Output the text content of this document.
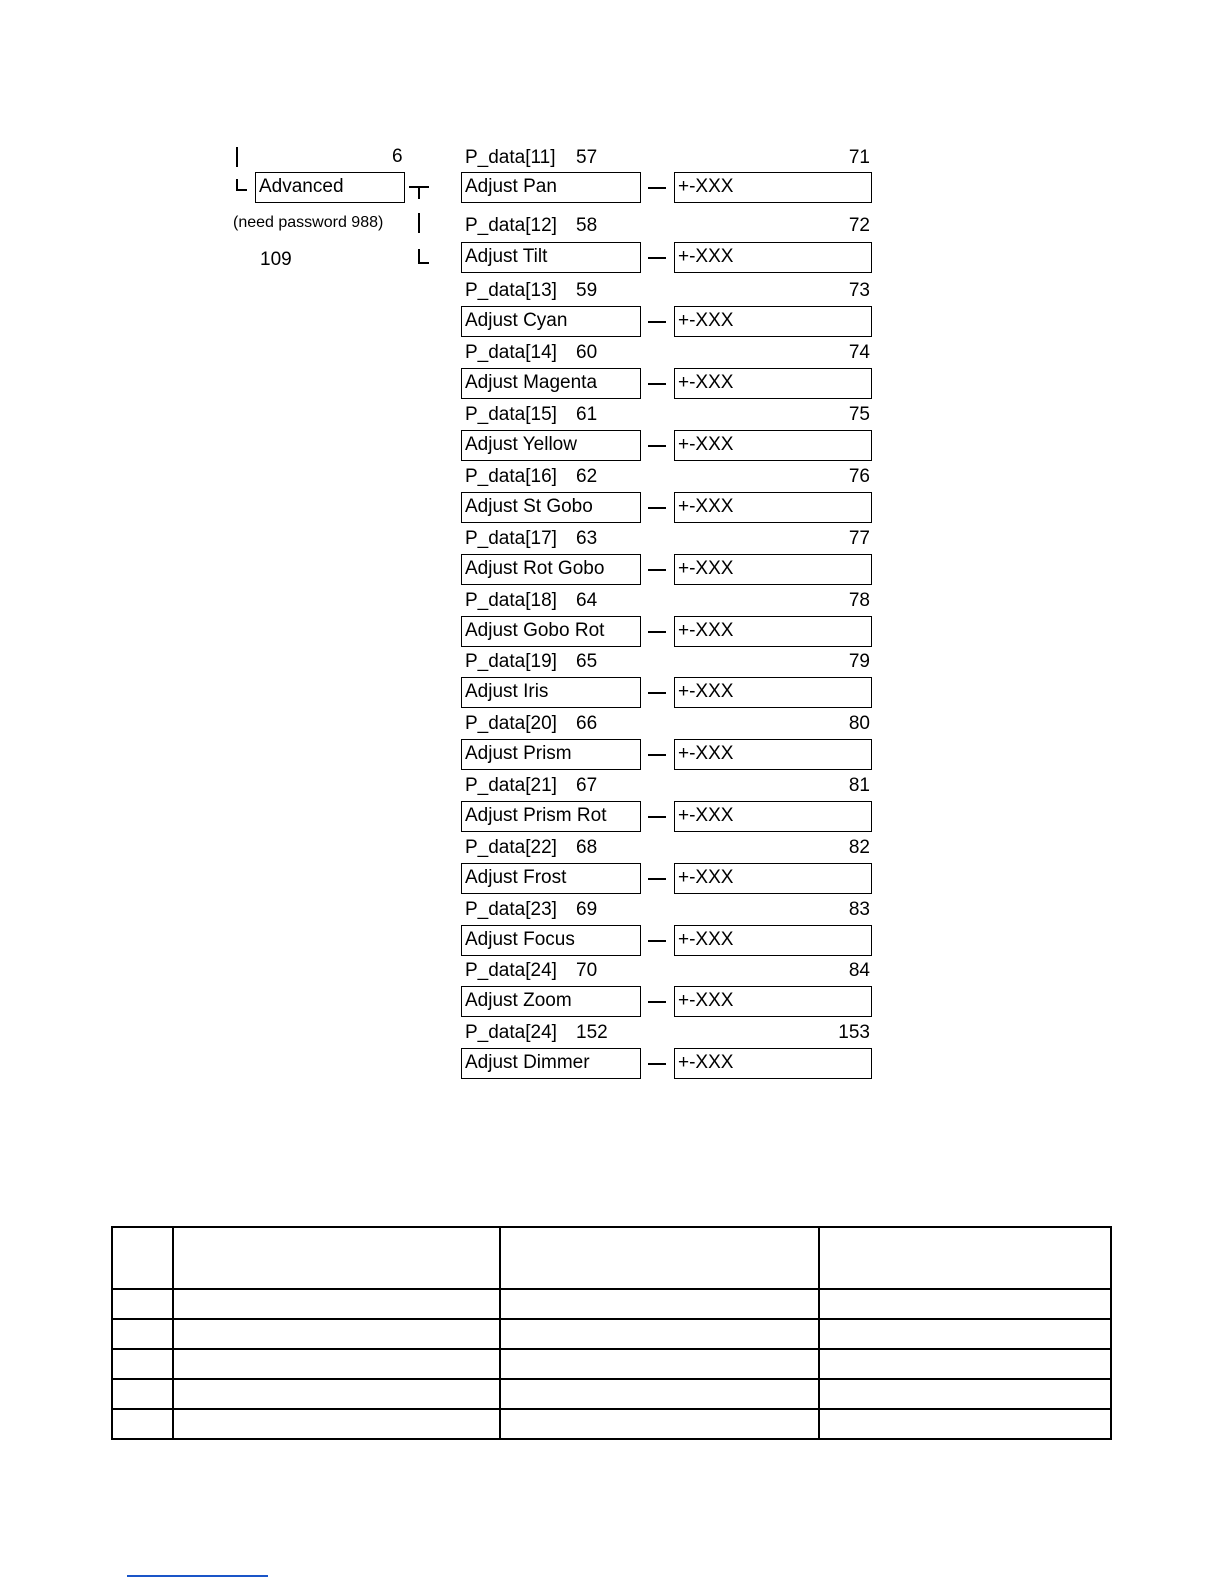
6
Advanced
(need password 988)
109
P_data[11] 57	71
Adjust Pan	+-XXX
P_data[12] 58	72
Adjust Tilt	+-XXX
P_data[13] 59	73
Adjust Cyan	+-XXX
P_data[14] 60	74
Adjust Magenta	+-XXX
P_data[15] 61	75
Adjust Yellow	+-XXX
P_data[16] 62	76
Adjust St Gobo	+-XXX
P_data[17] 63	77
Adjust Rot Gobo	+-XXX
P_data[18] 64	78
Adjust Gobo Rot	+-XXX
P_data[19] 65	79
Adjust Iris	+-XXX
P_data[20] 66	80
Adjust Prism	+-XXX
P_data[21] 67	81
Adjust Prism Rot	+-XXX
P_data[22] 68	82
Adjust Frost	+-XXX
P_data[23] 69	83
Adjust Focus	+-XXX
P_data[24] 70	84
Adjust Zoom	+-XXX
P_data[24] 152	153
Adjust Dimmer	+-XXX
